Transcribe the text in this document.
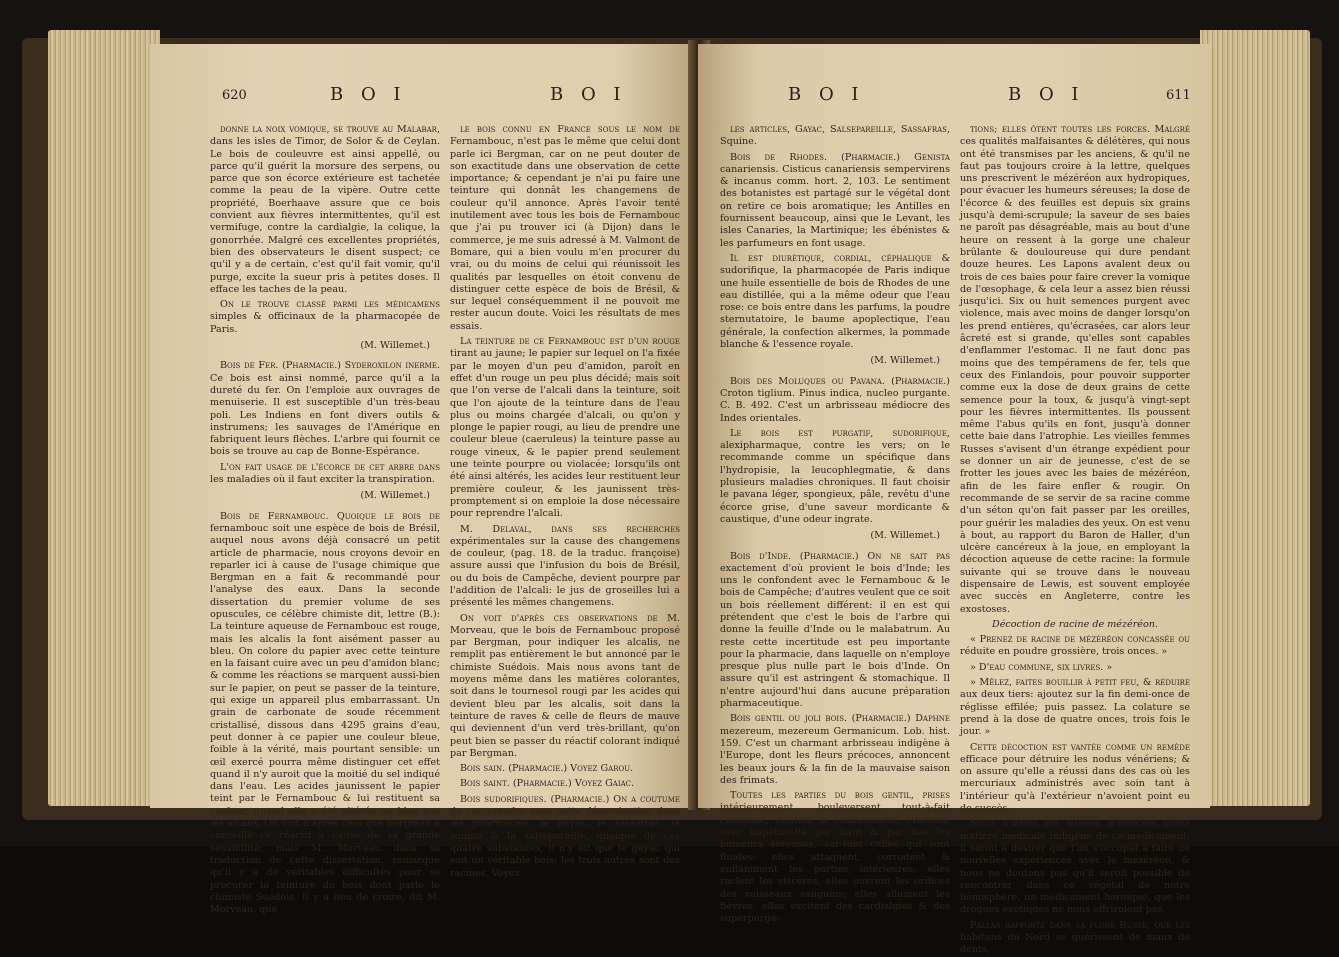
620	B O I	B O I

donne la noix vomique, se trouve au Malabar, dans les isles de Timor, de Solor & de Ceylan. Le bois de couleuvre est ainsi appellé, ou parce qu'il guérit la morsure des serpens, ou parce que son écorce extérieure est tachetée comme la peau de la vipère. Outre cette propriété, Boerhaave assure que ce bois convient aux fièvres intermittentes, qu'il est vermifuge, contre la cardialgie, la colique, la gonorrhée. Malgré ces excellentes propriétés, bien des observateurs le disent suspect; ce qu'il y a de certain, c'est qu'il fait vomir, qu'il purge, excite la sueur pris à petites doses. Il efface les taches de la peau.

On le trouve classé parmi les médicamens simples & officinaux de la pharmacopée de Paris.

(M. Willemet.)

Bois de Fer. (Pharmacie.) Syderoxilon inerme. Ce bois est ainsi nommé, parce qu'il a la dureté du fer. On l'emploie aux ouvrages de menuiserie. Il est susceptible d'un très-beau poli. Les Indiens en font divers outils & instrumens; les sauvages de l'Amérique en fabriquent leurs flèches. L'arbre qui fournit ce bois se trouve au cap de Bonne-Espérance.

L'on fait usage de l'écorce de cet arbre dans les maladies où il faut exciter la transpiration.

(M. Willemet.)

Bois de Fernambouc. Quoique le bois de fernambouc soit une espèce de bois de Brésil, auquel nous avons déjà consacré un petit article de pharmacie, nous croyons devoir en reparler ici à cause de l'usage chimique que Bergman en a fait & recommandé pour l'analyse des eaux. Dans la seconde dissertation du premier volume de ses opuscules, ce célèbre chimiste dit, lettre (B.): La teinture aqueuse de Fernambouc est rouge, mais les alcalis la font aisément passer au bleu. On colore du papier avec cette teinture en la faisant cuire avec un peu d'amidon blanc; & comme les réactions se marquent aussi-bien sur le papier, on peut se passer de la teinture, qui exige un appareil plus embarrassant. Un grain de carbonate de soude récemment cristallisé, dissous dans 4295 grains d'eau, peut donner à ce papier une couleur bleue, foible à la vérité, mais pourtant sensible: un œil exercé pourra même distinguer cet effet quand il n'y auroit que la moitié du sel indiqué dans l'eau. Les acides jaunissent le papier teint par le Fernambouc & lui restituent sa couleur, quand elle a été altérée en bleu par les alcalis. On voit d'après cela que Bergman a conseillé ce réactif à cause de sa grande sensibilité; mais M. Morveau dans sa traduction de cette dissertation, remarque qu'il y a de véritables difficultés pour se procurer la teinture du bois dont parle le chimiste Suédois. Il y a lieu de croire, dit M. Morveau, que

le bois connu en France sous le nom de Fernambouc, n'est pas le même que celui dont parle ici Bergman, car on ne peut douter de son exactitude dans une observation de cette importance; & cependant je n'ai pu faire une teinture qui donnât les changemens de couleur qu'il annonce. Après l'avoir tenté inutilement avec tous les bois de Fernambouc que j'ai pu trouver ici (à Dijon) dans le commerce, je me suis adressé à M. Valmont de Bomare, qui a bien voulu m'en procurer du vrai, ou du moins de celui qui réunissoit les qualités par lesquelles on étoit convenu de distinguer cette espèce de bois de Brésil, & sur lequel conséquemment il ne pouvoit me rester aucun doute. Voici les résultats de mes essais.

La teinture de ce Fernambouc est d'un rouge tirant au jaune; le papier sur lequel on l'a fixée par le moyen d'un peu d'amidon, paroît en effet d'un rouge un peu plus décidé; mais soit que l'on verse de l'alcali dans la teinture, soit que l'on ajoute de la teinture dans de l'eau plus ou moins chargée d'alcali, ou qu'on y plonge le papier rougi, au lieu de prendre une couleur bleue (caeruleus) la teinture passe au rouge vineux, & le papier prend seulement une teinte pourpre ou violacée; lorsqu'ils ont été ainsi altérés, les acides leur restituent leur première couleur, & les jaunissent très-promptement si on emploie la dose nécessaire pour reprendre l'alcali.

M. Delaval, dans ses recherches expérimentales sur la cause des changemens de couleur, (pag. 18. de la traduc. françoise) assure aussi que l'infusion du bois de Brésil, ou du bois de Campêche, devient pourpre par l'addition de l'alcali: le jus de groseilles lui a présenté les mêmes changemens.

On voit d'après ces observations de M. Morveau, que le bois de Fernambouc proposé par Bergman, pour indiquer les alcalis, ne remplit pas entièrement le but annoncé par le chimiste Suédois. Mais nous avons tant de moyens même dans les matières colorantes, soit dans le tournesol rougi par les acides qui devient bleu par les alcalis, soit dans la teinture de raves & celle de fleurs de mauve qui deviennent d'un verd très-brillant, qu'on peut bien se passer du réactif colorant indiqué par Bergman.

Bois sain. (Pharmacie.) Voyez Garou.

Bois saint. (Pharmacie.) Voyez Gaiac.

Bois sudorifiques. (Pharmacie.) On a coutume de comprendre sous cette dénomination dans les pharmacies, le gayac, le sassafras, la squine & la salsepareille, quoique de ces quatre substances, il n'y ait que le gayac qui soit un véritable bois; les trois autres sont des racines. Voyez

B O I	B O I	611

les articles, Gayac, Salsepareille, Sassafras, Squine.

Bois de Rhodes. (Pharmacie.) Genista canariensis. Cisticus canariensis sempervirens & incanus comm. hort. 2, 103. Le sentiment des botanistes est partagé sur le végétal dont on retire ce bois aromatique; les Antilles en fournissent beaucoup, ainsi que le Levant, les isles Canaries, la Martinique; les ébénistes & les parfumeurs en font usage.

Il est diurétique, cordial, céphalique & sudorifique, la pharmacopée de Paris indique une huile essentielle de bois de Rhodes de une eau distillée, qui a la même odeur que l'eau rose: ce bois entre dans les parfums, la poudre sternutatoire, le baume apoplectique, l'eau générale, la confection alkermes, la pommade blanche & l'essence royale.

(M. Willemet.)

Bois des Moluques ou Pavana. (Pharmacie.) Croton tiglium. Pinus indica, nucleo purgante. C. B. 492. C'est un arbrisseau médiocre des Indes orientales.

Le bois est purgatif, sudorifique, alexipharmaque, contre les vers; on le recommande comme un spécifique dans l'hydropisie, la leucophlegmatie, & dans plusieurs maladies chroniques. Il faut choisir le pavana léger, spongieux, pâle, revêtu d'une écorce grise, d'une saveur mordicante & caustique, d'une odeur ingrate.

(M. Willemet.)

Bois d'Inde. (Pharmacie.) On ne sait pas exactement d'où provient le bois d'Inde; les uns le confondent avec le Fernambouc & le bois de Campêche; d'autres veulent que ce soit un bois réellement différent: il en est qui prétendent que c'est le bois de l'arbre qui donne la feuille d'Inde ou le malabatrum. Au reste cette incertitude est peu importante pour la pharmacie, dans laquelle on n'employe presque plus nulle part le bois d'Inde. On assure qu'il est astringent & stomachique. Il n'entre aujourd'hui dans aucune préparation pharmaceutique.

Bois gentil ou joli bois. (Pharmacie.) Daphne mezereum, mezereum Germanicum. Lob. hist. 159. C'est un charmant arbrisseau indigène à l'Europe, dont les fleurs précoces, annoncent les beaux jours & la fin de la mauvaise saison des frimats.

Toutes les parties du bois gentil, prises intérieurement, bouleversent tout-à-fait l'estomac, excitent le vomissement, évacuent avec impétuosité par haut & par bas les humeurs séreuses, sur-tout celles qui sont fluides: elles attaquent, corrodent & enflamment les parties intérieures; elles raclent les viscères, elles ouvrent les orifices des vaisseaux sanguins; elles allument les fièvres, elles excitent des cardialgies & des superpurga-

tions; elles ôtent toutes les forces. Malgré ces qualités malfaisantes & délétères, qui nous ont été transmises par les anciens, & qu'il ne faut pas toujours croire à la lettre, quelques uns prescrivent le mézéréon aux hydropiques, pour évacuer les humeurs séreuses; la dose de l'écorce & des feuilles est depuis six grains jusqu'à demi-scrupule; la saveur de ses baies ne paroît pas désagréable, mais au bout d'une heure on ressent à la gorge une chaleur brûlante & douloureuse qui dure pendant douze heures. Les Lapons avalent deux ou trois de ces baies pour faire crever la vomique de l'œsophage, & cela leur a assez bien réussi jusqu'ici. Six ou huit semences purgent avec violence, mais avec moins de danger lorsqu'on les prend entières, qu'écrasées, car alors leur âcreté est si grande, qu'elles sont capables d'enflammer l'estomac. Il ne faut donc pas moins que des tempéramens de fer, tels que ceux des Finlandois, pour pouvoir supporter comme eux la dose de deux grains de cette semence pour la toux, & jusqu'à vingt-sept pour les fièvres intermittentes. Ils poussent même l'abus qu'ils en font, jusqu'à donner cette baie dans l'atrophie. Les vieilles femmes Russes s'avisent d'un étrange expédient pour se donner un air de jeunesse, c'est de se frotter les joues avec les baies de mézéréon, afin de les faire enfler & rougir. On recommande de se servir de sa racine comme d'un séton qu'on fait passer par les oreilles, pour guérir les maladies des yeux. On est venu à bout, au rapport du Baron de Haller, d'un ulcère cancéreux à la joue, en employant la décoction aqueuse de cette racine: la formule suivante qui se trouve dans le nouveau dispensaire de Lewis, est souvent employée avec succès en Angleterre, contre les exostoses.

Décoction de racine de mézéréon.

« Prenez de racine de mézéréon concassée ou réduite en poudre grossière, trois onces. »

» D'eau commune, six livres. »

» Mêlez, faites bouillir à petit feu, & réduire aux deux tiers: ajoutez sur la fin demi-once de réglisse effilée; puis passez. La colature se prend à la dose de quatre onces, trois fois le jour. »

Cette décoction est vantée comme un remède efficace pour détruire les nodus vénériens; & on assure qu'elle a réussi dans des cas où les mercuriaux administrés avec soin tant à l'intérieur qu'à l'extérieur n'avoient point eu de succès.

Nous n'avons pas manqué d'enrichir notre matière médicale indigène de ce médicament; il seroit à désirer que l'on s'occupât à faire de nouvelles expériences avec le mézéréon, & nous ne doutons pas qu'il seroit possible de rencontrer dans ce végétal de notre hémisphère, un médicament héroïque, que les drogues exotiques ne nous offriroient pas.

Pallas rapporte dans sa flore Russe, que les habitans du Nord se guérissent de maux de dents,
